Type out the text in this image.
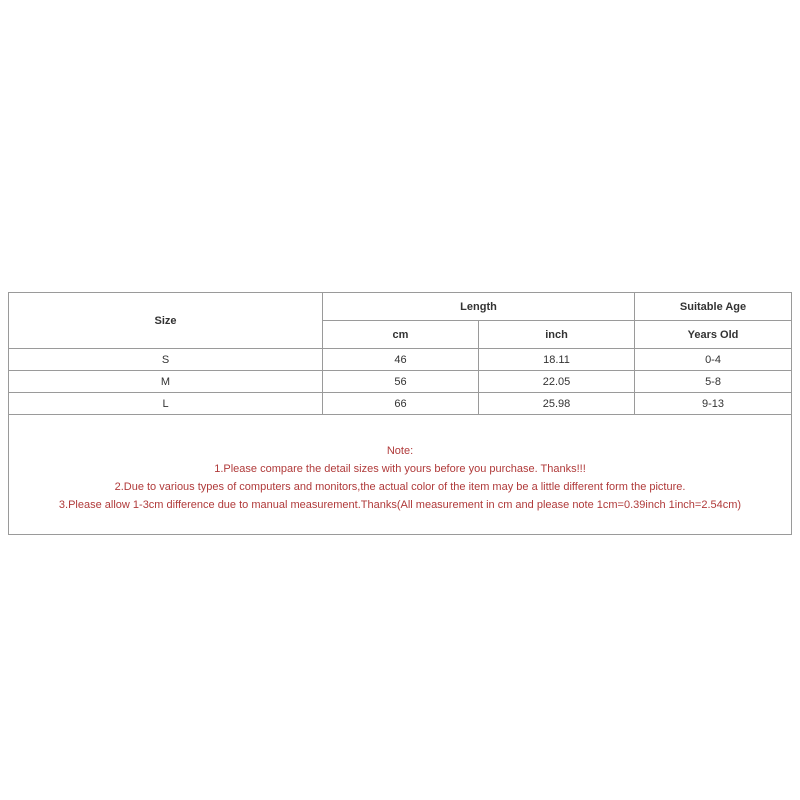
Size	Length		Suitable Age
	cm	inch	Years Old
S	46	18.11	0-4
M	56	22.05	5-8
L	66	25.98	9-13

Note:
1.Please compare the detail sizes with yours before you purchase. Thanks!!!
2.Due to various types of computers and monitors,the actual color of the item may be a little different form the picture.
3.Please allow 1-3cm difference due to manual measurement.Thanks(All measurement in cm and please note 1cm=0.39inch 1inch=2.54cm)			
